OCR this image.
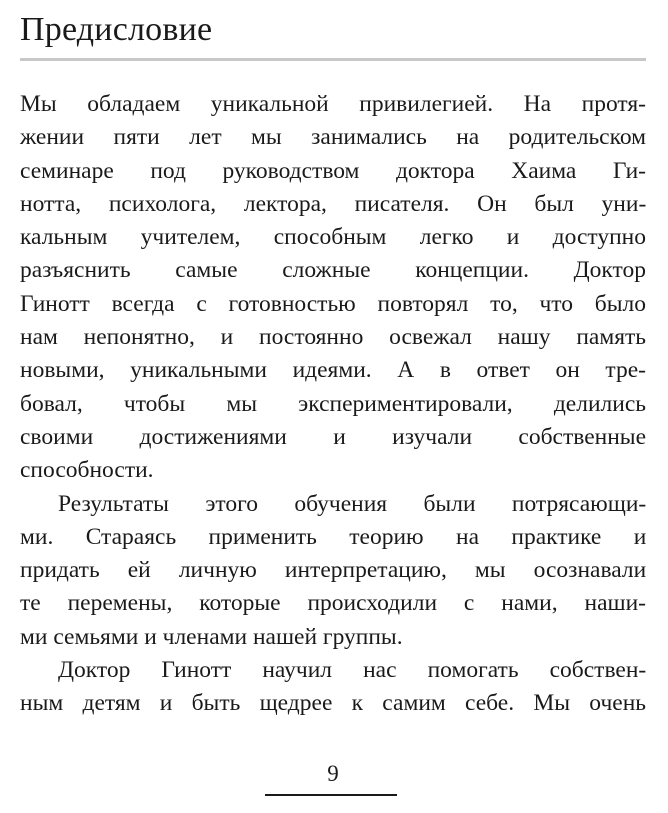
Предисловие

Мы обладаем уникальной привилегией. На протя-
жении пяти лет мы занимались на родительском
семинаре под руководством доктора Хаима Ги-
нотта, психолога, лектора, писателя. Он был уни-
кальным учителем, способным легко и доступно
разъяснить самые сложные концепции. Доктор
Гинотт всегда с готовностью повторял то, что было
нам непонятно, и постоянно освежал нашу память
новыми, уникальными идеями. А в ответ он тре-
бовал, чтобы мы экспериментировали, делились
своими достижениями и изучали собственные
способности.

Результаты этого обучения были потрясающи-
ми. Стараясь применить теорию на практике и
придать ей личную интерпретацию, мы осознавали
те перемены, которые происходили с нами, наши-
ми семьями и членами нашей группы.

Доктор Гинотт научил нас помогать собствен-
ным детям и быть щедрее к самим себе. Мы очень

9
